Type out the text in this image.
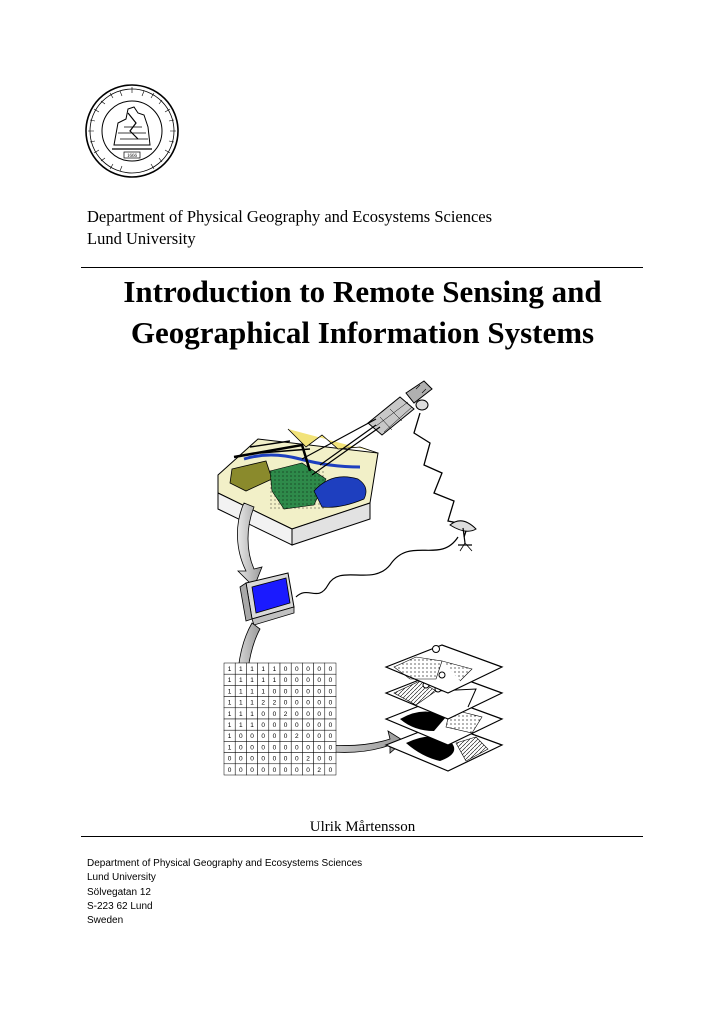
1666
Department of Physical Geography and Ecosystems Sciences
Lund University
Introduction to Remote Sensing and
Geographical Information Systems
1 1 1 1 1 0 0 0 0 0
1 1 1 1 1 0 0 0 0 0
1 1 1 1 0 0 0 0 0 0
1 1 1 2 2 0 0 0 0 0
1 1 1 0 0 2 0 0 0 0
1 1 1 0 0 0 0 0 0 0
1 0 0 0 0 0 2 0 0 0
1 0 0 0 0 0 0 0 0 0
0 0 0 0 0 0 0 2 0 0
0 0 0 0 0 0 0 0 2 0
Ulrik Mårtensson
Department of Physical Geography and Ecosystems Sciences
Lund University
Sölvegatan 12
S-223 62 Lund
Sweden
